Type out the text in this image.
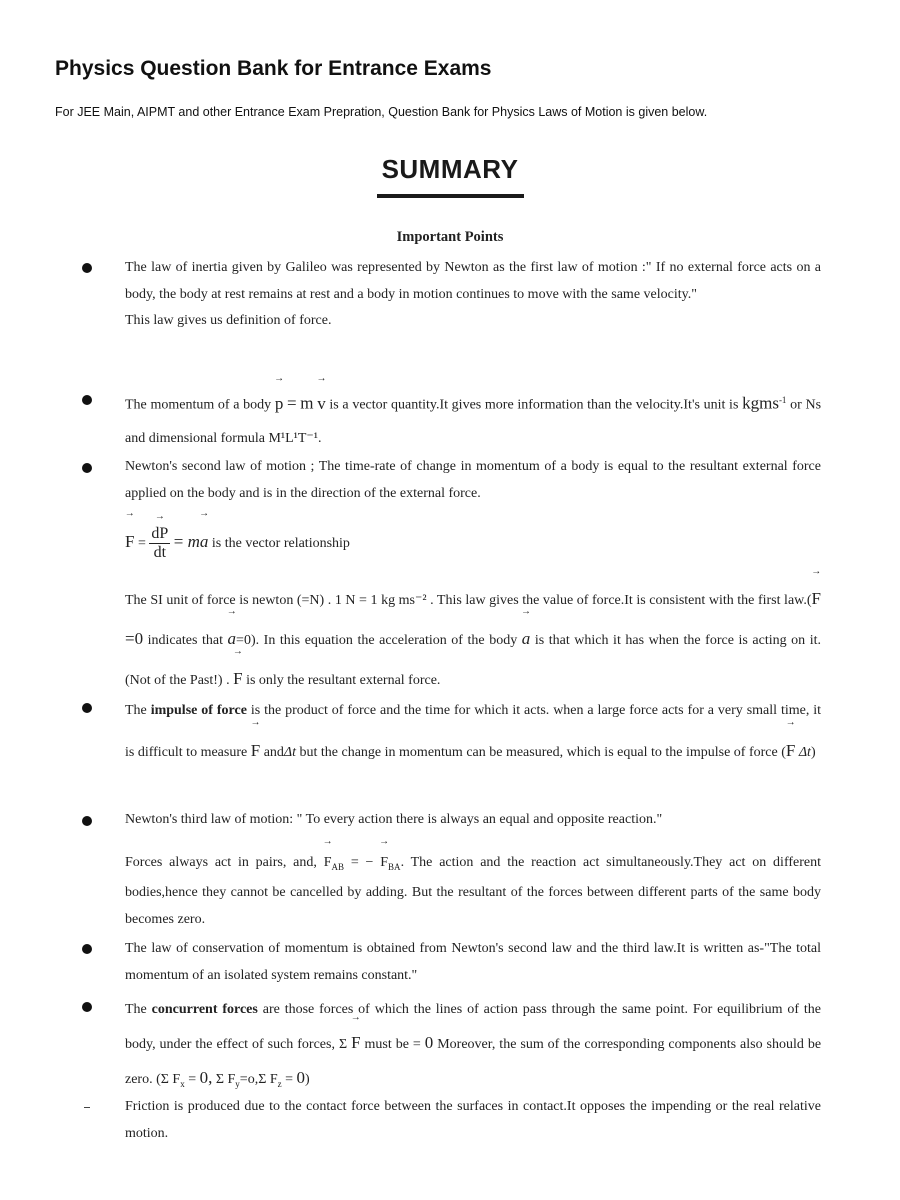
Physics Question Bank for Entrance Exams

For JEE Main, AIPMT and other Entrance Exam Prepration, Question Bank for Physics Laws of Motion is given below.

SUMMARY
Important Points

The law of inertia given by Galileo was represented by Newton as the first law of motion :" If no external force acts on a body, the body at rest remains at rest and a body in motion continues to move with the same velocity."

This law gives us definition of force.

The momentum of a body → p = m → v is a vector quantity.It gives more information than the velocity.It's unit is kgms$^{-1}$ or Ns and dimensional formula M¹L¹T⁻¹.

Newton's second law of motion ; The time-rate of change in momentum of a body is equal to the resultant external force applied on the body and is in the direction of the external force.

→ F = → $\frac{dP}{dt} = m\to a$ is the vector relationship

The SI unit of force is newton (=N) . 1 N = 1 kg ms⁻² . This law gives the value of force.It is consistent with the first law.(→ F=0 indicates that → a=0). In this equation the acceleration of the body → a is that which it has when the force is acting on it.(Not of the Past!) . → F is only the resultant external force.

The impulse of force is the product of force and the time for which it acts. when a large force acts for a very small time, it is difficult to measure → F andΔt but the change in momentum can be measured, which is equal to the impulse of force (→ F Δt)

Newton's third law of motion: " To every action there is always an equal and opposite reaction."

Forces always act in pairs, and, → $F_{AB}$ = − → $F_{BA}$. The action and the reaction act simultaneously.They act on different bodies,hence they cannot be cancelled by adding. But the resultant of the forces between different parts of the same body becomes zero.

The law of conservation of momentum is obtained from Newton's second law and the third law.It is written as-"The total momentum of an isolated system remains constant."

The concurrent forces are those forces of which the lines of action pass through the same point. For equilibrium of the body, under the effect of such forces, Σ → F must be = 0 Moreover, the sum of the corresponding components also should be zero. (Σ $F_x = 0$, Σ $F_y=o,\Sigma$ $F_z = 0$)

Friction is produced due to the contact force between the surfaces in contact.It opposes the impending or the real relative motion.
